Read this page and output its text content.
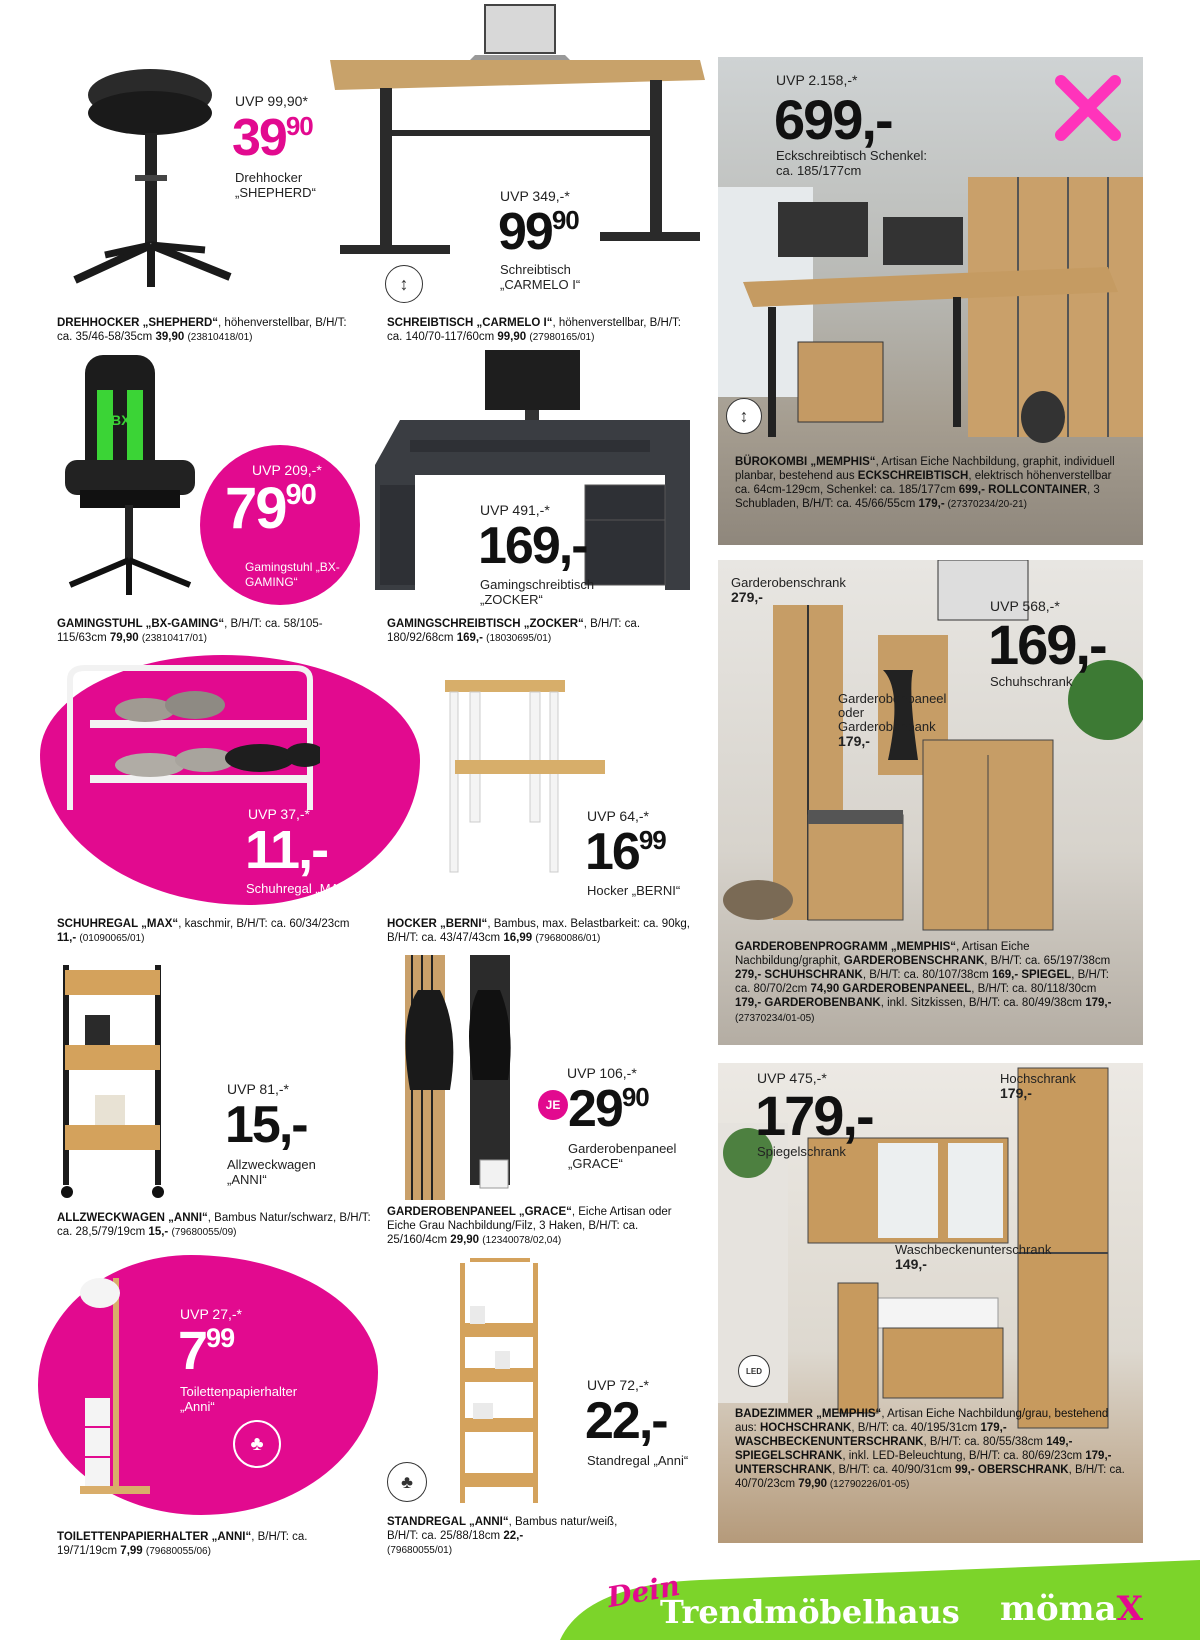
UVP 99,90*
$39^{90}$
Drehhocker „SHEPHERD“	UVP 349,-*
$99^{90}$
Schreibtisch „CARMELO I“
↕
DREHHOCKER „SHEPHERD“, höhenverstellbar, B/H/T: ca. 35/46-58/35cm 39,90 (23810418/01)
SCHREIBTISCH „CARMELO I“, höhenverstellbar, B/H/T: ca. 140/70-117/60cm 99,90 (27980165/01)
UVP 2.158,-*
699,-
Eckschreibtisch Schenkel: ca. 185/177cm
↕
BÜROKOMBI „MEMPHIS“, Artisan Eiche Nachbildung, graphit, individuell planbar, bestehend aus ECKSCHREIBTISCH, elektrisch höhenverstellbar ca. 64cm-129cm, Schenkel: ca. 185/177cm 699,- ROLLCONTAINER, 3 Schubladen, B/H/T: ca. 45/66/55cm 179,- (27370234/20-21)
BX
UVP 209,-*
$79^{90}$
Gamingstuhl „BX-GAMING“
UVP 491,-*
169,-
Gamingschreibtisch „ZOCKER“
GAMINGSTUHL „BX-GAMING“, B/H/T: ca. 58/105-115/63cm 79,90 (23810417/01)
GAMINGSCHREIBTISCH „ZOCKER“, B/H/T: ca. 180/92/68cm 169,- (18030695/01)
Garderobenschrank
279,-
UVP 568,-*
169,-
Schuhschrank
Garderobenpaneel oder Garderobenbank
179,-
GARDEROBENPROGRAMM „MEMPHIS“, Artisan Eiche Nachbildung/graphit, GARDEROBENSCHRANK, B/H/T: ca. 65/197/38cm 279,- SCHUHSCHRANK, B/H/T: ca. 80/107/38cm 169,- SPIEGEL, B/H/T: ca. 80/70/2cm 74,90 GARDEROBENPANEEL, B/H/T: ca. 80/118/30cm 179,- GARDEROBENBANK, inkl. Sitzkissen, B/H/T: ca. 80/49/38cm 179,- (27370234/01-05)
UVP 37,-*
11,-
Schuhregal „MAX“
UVP 64,-*
$16^{99}$
Hocker „BERNI“
SCHUHREGAL „MAX“, kaschmir, B/H/T: ca. 60/34/23cm 11,- (01090065/01)
HOCKER „BERNI“, Bambus, max. Belastbarkeit: ca. 90kg, B/H/T: ca. 43/47/43cm 16,99 (79680086/01)
UVP 81,-*
15,-
Allzweckwagen „ANNI“
UVP 106,-*
JE $29^{90}$
Garderobenpaneel „GRACE“
ALLZWECKWAGEN „ANNI“, Bambus Natur/schwarz, B/H/T: ca. 28,5/79/19cm 15,- (79680055/09)
GARDEROBENPANEEL „GRACE“, Eiche Artisan oder Eiche Grau Nachbildung/Filz, 3 Haken, B/H/T: ca. 25/160/4cm 29,90 (12340078/02,04)
UVP 475,-*
179,-
Spiegelschrank
Hochschrank
179,-
Waschbeckenunterschrank 149,-
LED
BADEZIMMER „MEMPHIS“, Artisan Eiche Nachbildung/grau, bestehend aus: HOCHSCHRANK, B/H/T: ca. 40/195/31cm 179,- WASCHBECKENUNTERSCHRANK, B/H/T: ca. 80/55/38cm 149,- SPIEGELSCHRANK, inkl. LED-Beleuchtung, B/H/T: ca. 80/69/23cm 179,- UNTERSCHRANK, B/H/T: ca. 40/90/31cm 99,- OBERSCHRANK, B/H/T: ca. 40/70/23cm 79,90 (12790226/01-05)
UVP 27,-*
$7^{99}$
Toilettenpapierhalter „Anni“
♣
♣
UVP 72,-*
22,-
Standregal „Anni“
TOILETTENPAPIERHALTER „ANNI“, B/H/T: ca. 19/71/19cm 7,99 (79680055/06)
STANDREGAL „ANNI“, Bambus natur/weiß, B/H/T: ca. 25/88/18cm 22,-
(79680055/01)
Dein
Trendmöbelhaus mömaX
